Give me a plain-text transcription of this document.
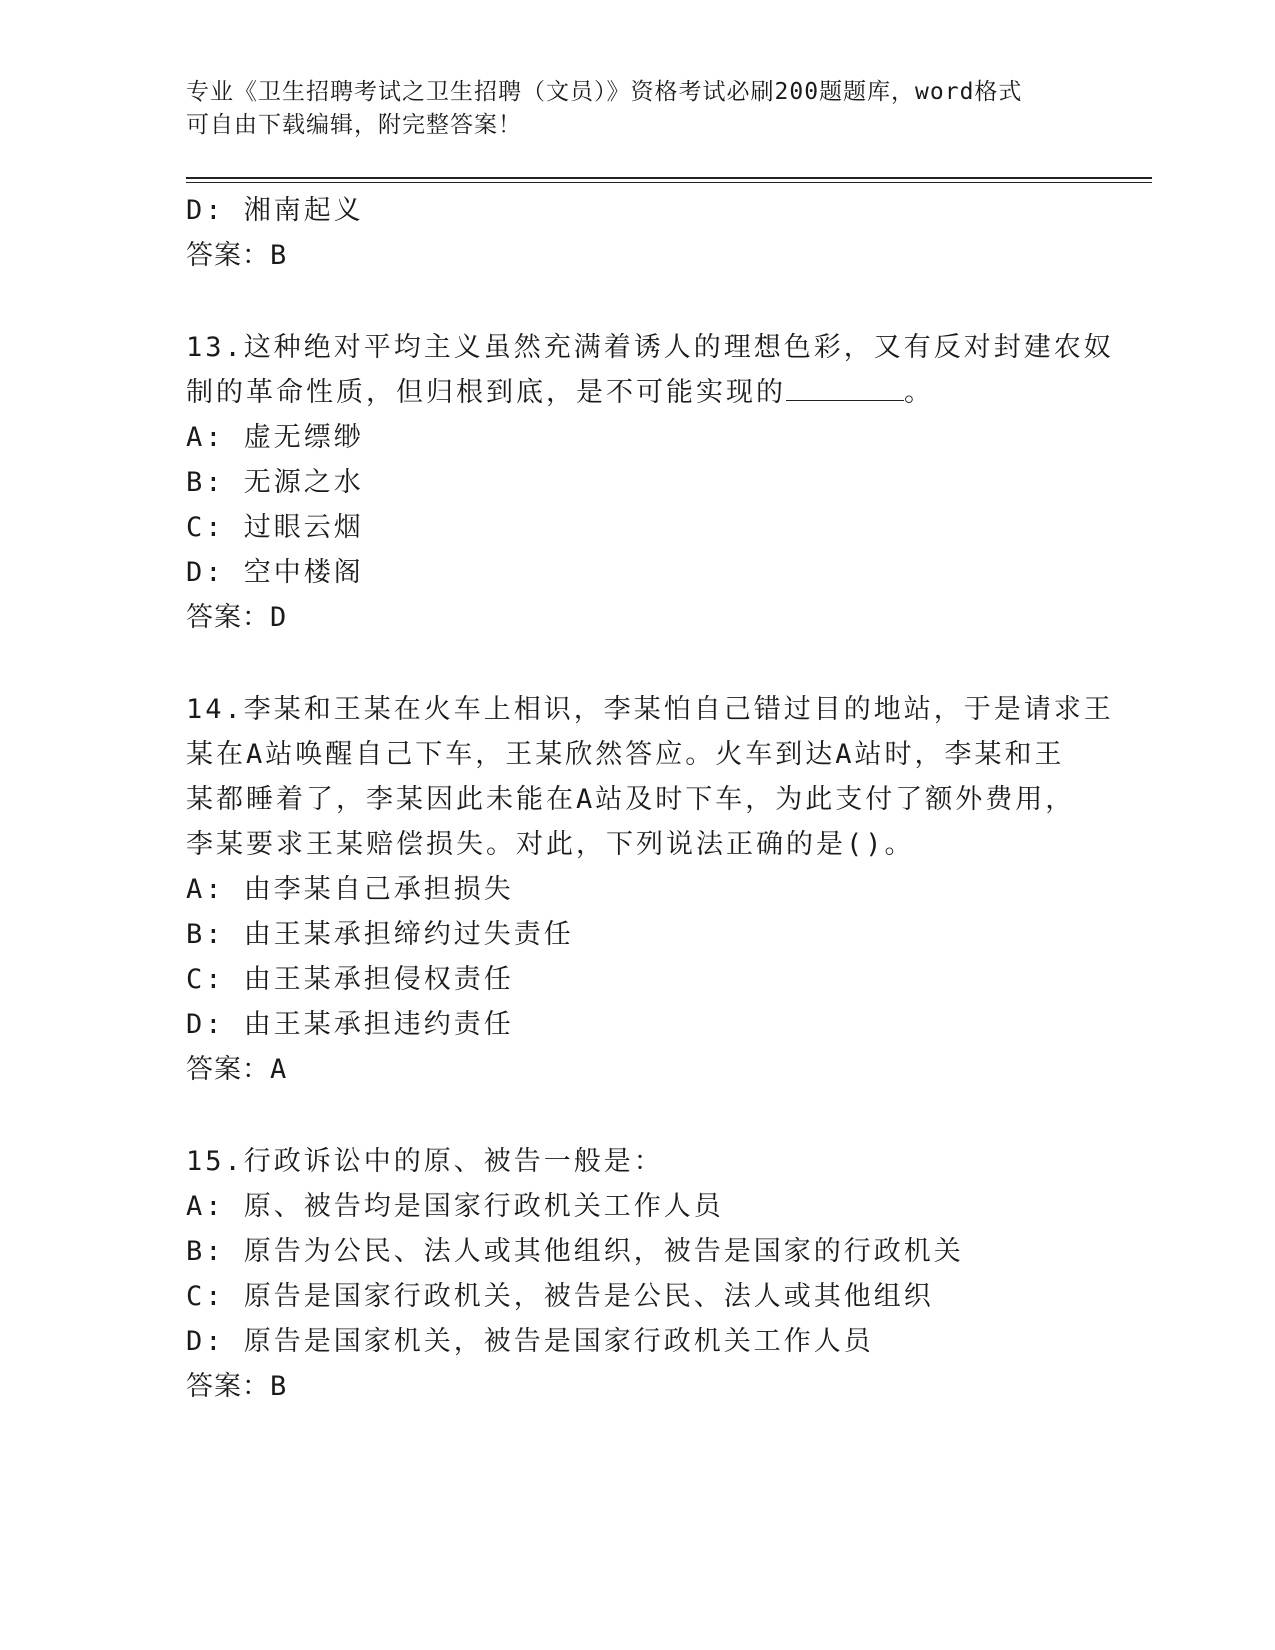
专业《卫生招聘考试之卫生招聘（文员）》资格考试必刷200题题库，word格式
可自由下载编辑，附完整答案！
D: 湘南起义
答案：B
13.这种绝对平均主义虽然充满着诱人的理想色彩，又有反对封建农奴
制的革命性质，但归根到底，是不可能实现的	。
A: 虚无缥缈
B: 无源之水
C: 过眼云烟
D: 空中楼阁
答案：D
14.李某和王某在火车上相识，李某怕自己错过目的地站，于是请求王
某在A站唤醒自己下车，王某欣然答应。火车到达A站时，李某和王
某都睡着了，李某因此未能在A站及时下车，为此支付了额外费用，
李某要求王某赔偿损失。对此，下列说法正确的是()。
A: 由李某自己承担损失
B: 由王某承担缔约过失责任
C: 由王某承担侵权责任
D: 由王某承担违约责任
答案：A
15.行政诉讼中的原、被告一般是：
A: 原、被告均是国家行政机关工作人员
B: 原告为公民、法人或其他组织，被告是国家的行政机关
C: 原告是国家行政机关，被告是公民、法人或其他组织
D: 原告是国家机关，被告是国家行政机关工作人员
答案：B
